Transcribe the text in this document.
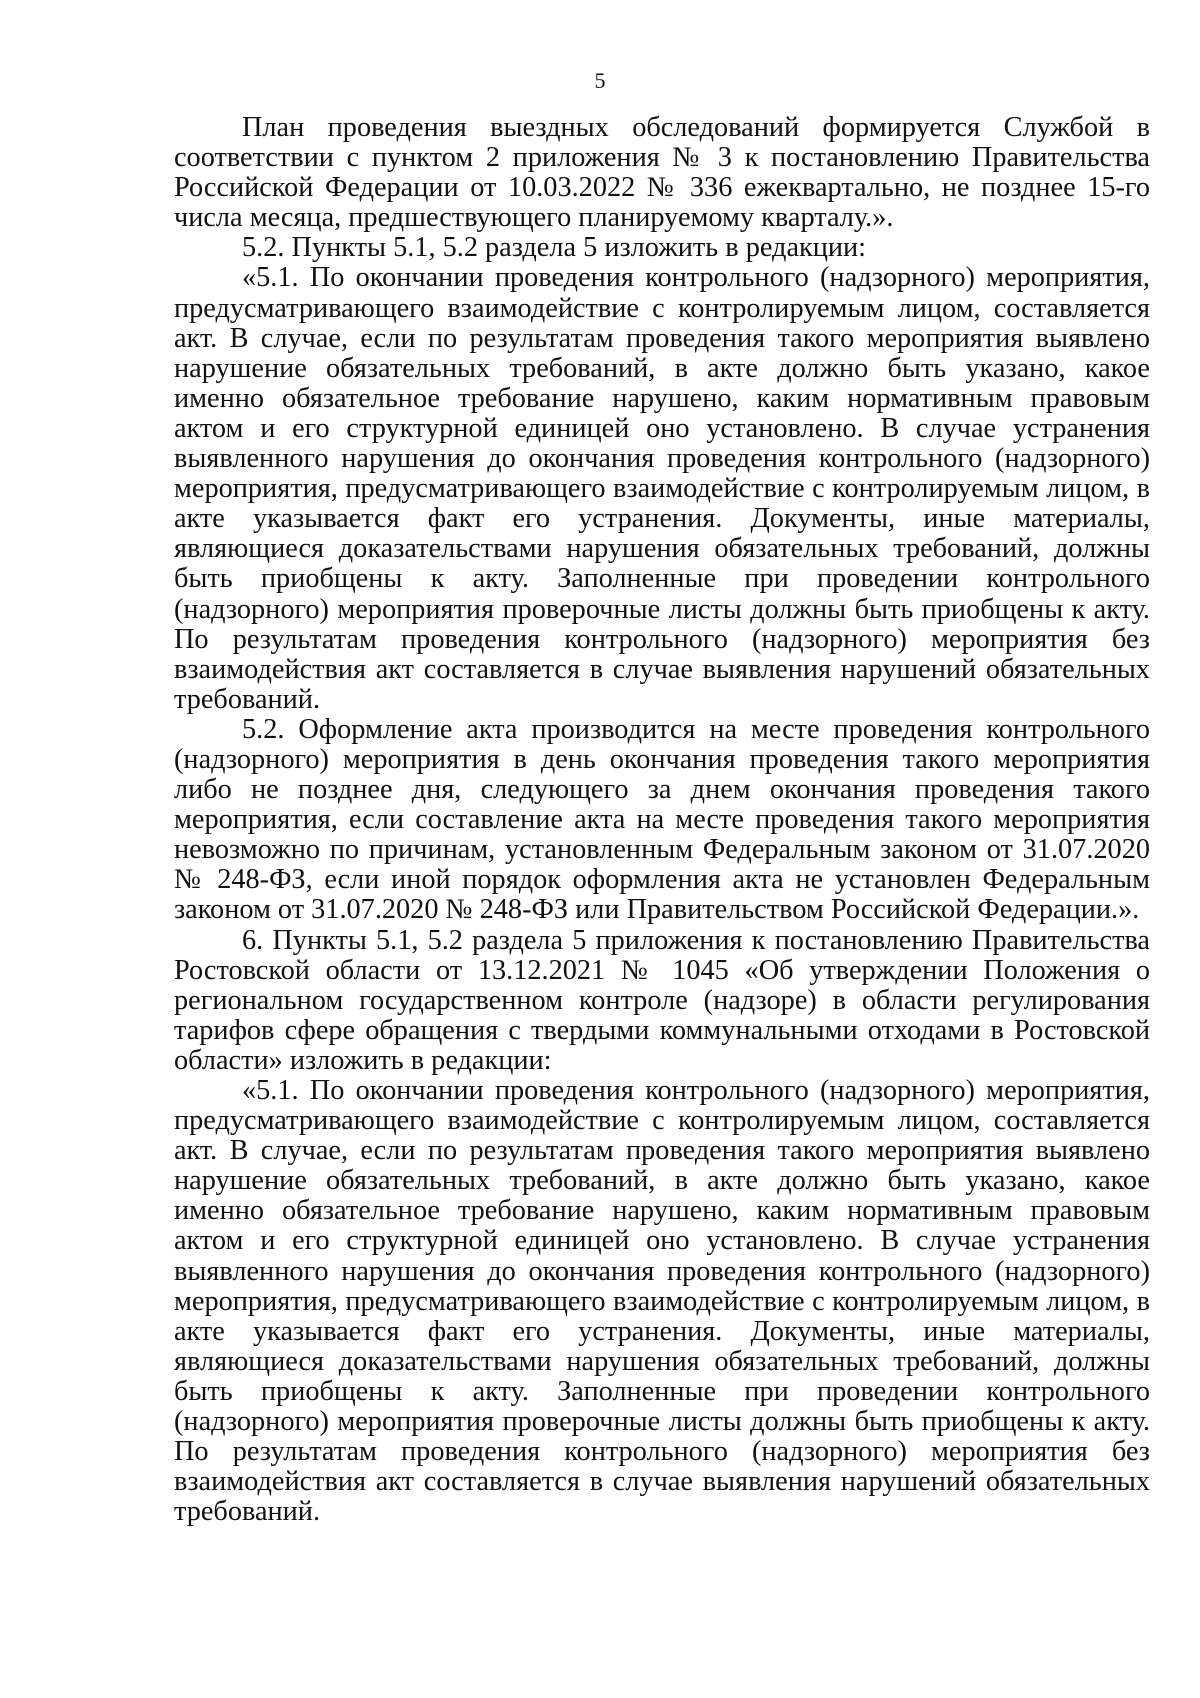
5

План проведения выездных обследований формируется Службой в соответствии с пунктом 2 приложения № 3 к постановлению Правительства Российской Федерации от 10.03.2022 № 336 ежеквартально, не позднее 15-го числа месяца, предшествующего планируемому кварталу.».

5.2. Пункты 5.1, 5.2 раздела 5 изложить в редакции:

«5.1. По окончании проведения контрольного (надзорного) мероприятия, предусматривающего взаимодействие с контролируемым лицом, составляется акт. В случае, если по результатам проведения такого мероприятия выявлено нарушение обязательных требований, в акте должно быть указано, какое именно обязательное требование нарушено, каким нормативным правовым актом и его структурной единицей оно установлено. В случае устранения выявленного нарушения до окончания проведения контрольного (надзорного) мероприятия, предусматривающего взаимодействие с контролируемым лицом, в акте указывается факт его устранения. Документы, иные материалы, являющиеся доказательствами нарушения обязательных требований, должны быть приобщены к акту. Заполненные при проведении контрольного (надзорного) мероприятия проверочные листы должны быть приобщены к акту. По результатам проведения контрольного (надзорного) мероприятия без взаимодействия акт составляется в случае выявления нарушений обязательных требований.

5.2. Оформление акта производится на месте проведения контрольного (надзорного) мероприятия в день окончания проведения такого мероприятия либо не позднее дня, следующего за днем окончания проведения такого мероприятия, если составление акта на месте проведения такого мероприятия невозможно по причинам, установленным Федеральным законом от 31.07.2020 № 248-ФЗ, если иной порядок оформления акта не установлен Федеральным законом от 31.07.2020 № 248-ФЗ или Правительством Российской Федерации.».

6. Пункты 5.1, 5.2 раздела 5 приложения к постановлению Правительства Ростовской области от 13.12.2021 № 1045 «Об утверждении Положения о региональном государственном контроле (надзоре) в области регулирования тарифов сфере обращения с твердыми коммунальными отходами в Ростовской области» изложить в редакции:

«5.1. По окончании проведения контрольного (надзорного) мероприятия, предусматривающего взаимодействие с контролируемым лицом, составляется акт. В случае, если по результатам проведения такого мероприятия выявлено нарушение обязательных требований, в акте должно быть указано, какое именно обязательное требование нарушено, каким нормативным правовым актом и его структурной единицей оно установлено. В случае устранения выявленного нарушения до окончания проведения контрольного (надзорного) мероприятия, предусматривающего взаимодействие с контролируемым лицом, в акте указывается факт его устранения. Документы, иные материалы, являющиеся доказательствами нарушения обязательных требований, должны быть приобщены к акту. Заполненные при проведении контрольного (надзорного) мероприятия проверочные листы должны быть приобщены к акту. По результатам проведения контрольного (надзорного) мероприятия без взаимодействия акт составляется в случае выявления нарушений обязательных требований.
